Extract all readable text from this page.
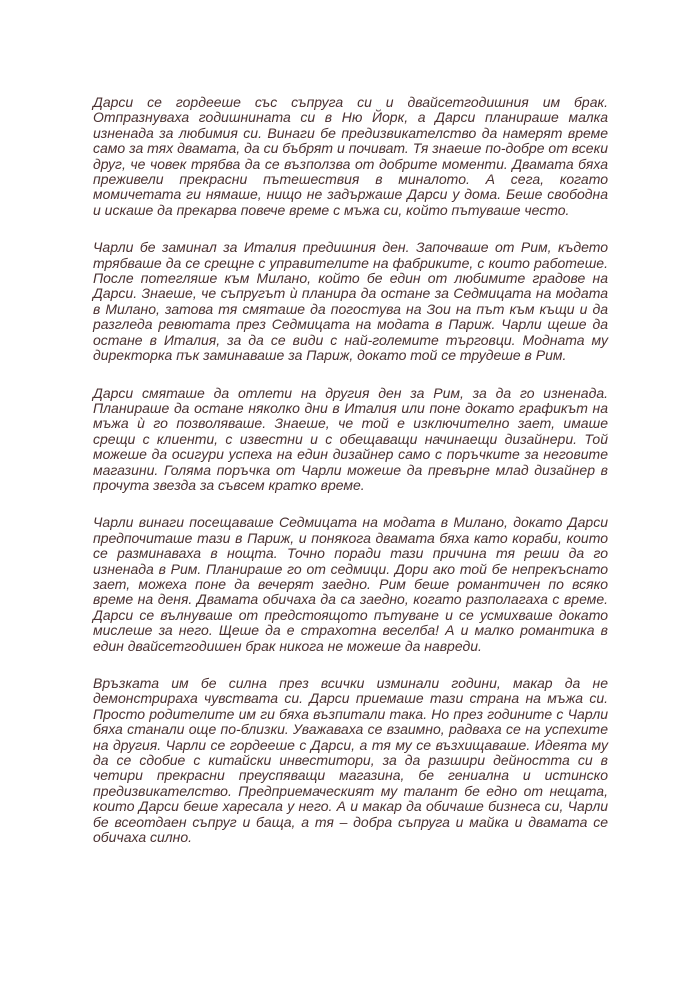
Дарси се гордееше със съпруга си и двайсетгодишния им брак. Отпразнуваха годишнината си в Ню Йорк, а Дарси планираше малка изненада за любимия си. Винаги бе предизвикателство да намерят време само за тях двамата, да си бъбрят и почиват. Тя знаеше по-добре от всеки друг, че човек трябва да се възползва от добрите моменти. Двамата бяха преживели прекрасни пътешествия в миналото. А сега, когато момичетата ги нямаше, нищо не задържаше Дарси у дома. Беше свободна и искаше да прекарва повече време с мъжа си, който пътуваше често.

Чарли бе заминал за Италия предишния ден. Започваше от Рим, където трябваше да се срещне с управителите на фабриките, с които работеше. После потегляше към Милано, който бе един от любимите градове на Дарси. Знаеше, че съпругът ѝ планира да остане за Седмицата на модата в Милано, затова тя смяташе да погостува на Зои на път към къщи и да разгледа ревютата през Седмицата на модата в Париж. Чарли щеше да остане в Италия, за да се види с най-големите търговци. Модната му директорка пък заминаваше за Париж, докато той се трудеше в Рим.

Дарси смяташе да отлети на другия ден за Рим, за да го изненада. Планираше да остане няколко дни в Италия или поне докато графикът на мъжа ѝ го позволяваше. Знаеше, че той е изключително зает, имаше срещи с клиенти, с известни и с обещаващи начинаещи дизайнери. Той можеше да осигури успеха на един дизайнер само с поръчките за неговите магазини. Голяма поръчка от Чарли можеше да превърне млад дизайнер в прочута звезда за съвсем кратко време.

Чарли винаги посещаваше Седмицата на модата в Милано, докато Дарси предпочиташе тази в Париж, и понякога двамата бяха като кораби, които се разминаваха в нощта. Точно поради тази причина тя реши да го изненада в Рим. Планираше го от седмици. Дори ако той бе непрекъснато зает, можеха поне да вечерят заедно. Рим беше романтичен по всяко време на деня. Двамата обичаха да са заедно, когато разполагаха с време. Дарси се вълнуваше от предстоящото пътуване и се усмихваше докато мислеше за него. Щеше да е страхотна веселба! А и малко романтика в един двайсетгодишен брак никога не можеше да навреди.

Връзката им бе силна през всички изминали години, макар да не демонстрираха чувствата си. Дарси приемаше тази страна на мъжа си. Просто родителите им ги бяха възпитали така. Но през годините с Чарли бяха станали още по-близки. Уважаваха се взаимно, радваха се на успехите на другия. Чарли се гордееше с Дарси, а тя му се възхищаваше. Идеята му да се сдобие с китайски инвеститори, за да разшири дейността си в четири прекрасни преуспяващи магазина, бе гениална и истинско предизвикателство. Предприемаческият му талант бе едно от нещата, които Дарси беше харесала у него. А и макар да обичаше бизнеса си, Чарли бе всеотдаен съпруг и баща, а тя – добра съпруга и майка и двамата се обичаха силно.
